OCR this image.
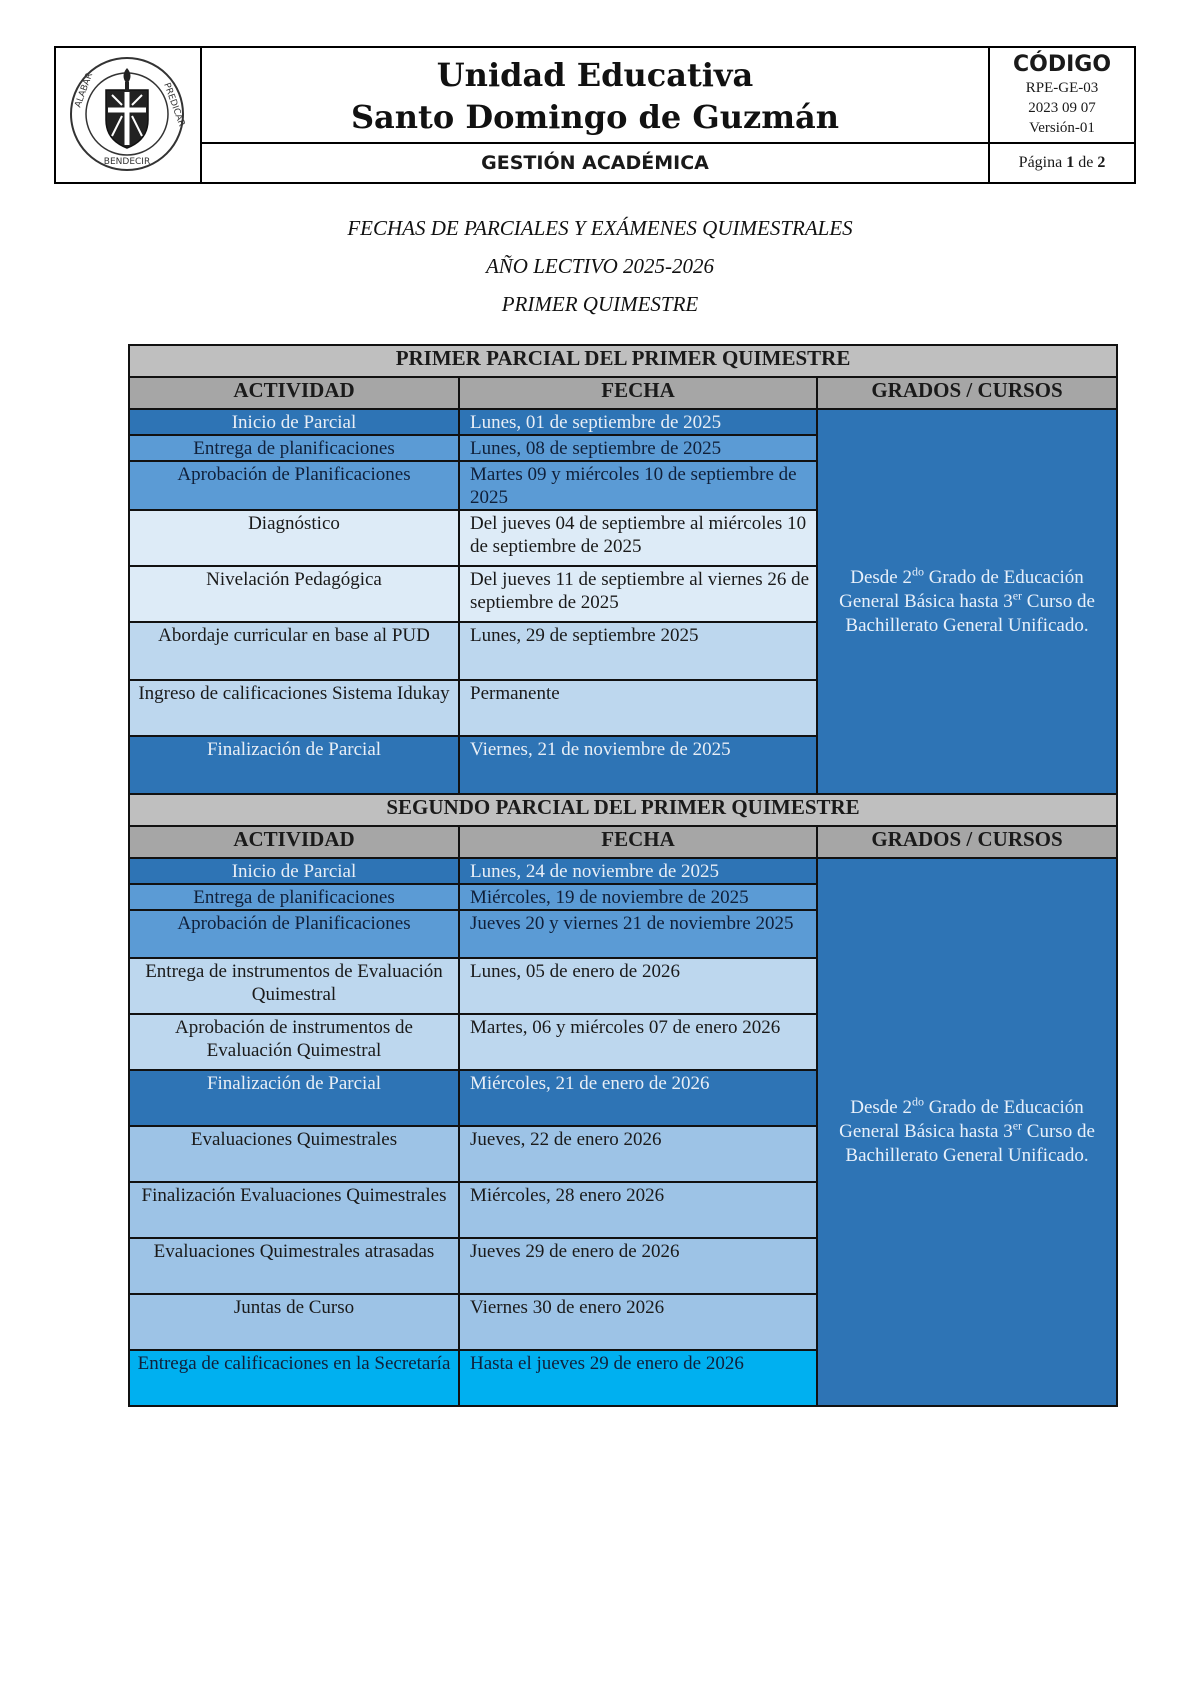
ALABAR	PREDICAR
BENDECIR
Unidad Educativa
Santo Domingo de Guzmán
CÓDIGO
RPE-GE-03
2023 09 07
Versión-01
GESTIÓN ACADÉMICA	Página 1 de 2
FECHAS DE PARCIALES Y EXÁMENES QUIMESTRALES
AÑO LECTIVO 2025-2026
PRIMER QUIMESTRE
PRIMER PARCIAL DEL PRIMER QUIMESTRE		
ACTIVIDAD	FECHA	GRADOS / CURSOS
Inicio de Parcial	Lunes, 01 de septiembre de 2025	Desde $2^{do}$ Grado de Educación General Básica hasta 3er Curso de Bachillerato General Unificado.
Entrega de planificaciones	Lunes, 08 de septiembre de 2025	
Aprobación de Planificaciones	Martes 09 y miércoles 10 de septiembre de 2025	
Diagnóstico	Del jueves 04 de septiembre al miércoles 10 de septiembre de 2025	
Nivelación Pedagógica	Del jueves 11 de septiembre al viernes 26 de septiembre de 2025	
Abordaje curricular en base al PUD	Lunes, 29 de septiembre 2025	
Ingreso de calificaciones Sistema Idukay	Permanente	
Finalización de Parcial	Viernes, 21 de noviembre de 2025	
SEGUNDO PARCIAL DEL PRIMER QUIMESTRE		
ACTIVIDAD	FECHA	GRADOS / CURSOS
Inicio de Parcial	Lunes, 24 de noviembre de 2025	Desde $2^{do}$ Grado de Educación General Básica hasta 3er Curso de Bachillerato General Unificado.
Entrega de planificaciones	Miércoles, 19 de noviembre de 2025	
Aprobación de Planificaciones	Jueves 20 y viernes 21 de noviembre 2025	
Entrega de instrumentos de Evaluación Quimestral	Lunes, 05 de enero de 2026	
Aprobación de instrumentos de Evaluación Quimestral	Martes, 06 y miércoles 07 de enero 2026	
Finalización de Parcial	Miércoles, 21 de enero de 2026	
Evaluaciones Quimestrales	Jueves, 22 de enero 2026	
Finalización Evaluaciones Quimestrales	Miércoles, 28 enero 2026	
Evaluaciones Quimestrales atrasadas	Jueves 29 de enero de 2026	
Juntas de Curso	Viernes 30 de enero 2026	
Entrega de calificaciones en la Secretaría	Hasta el jueves 29 de enero de 2026	
